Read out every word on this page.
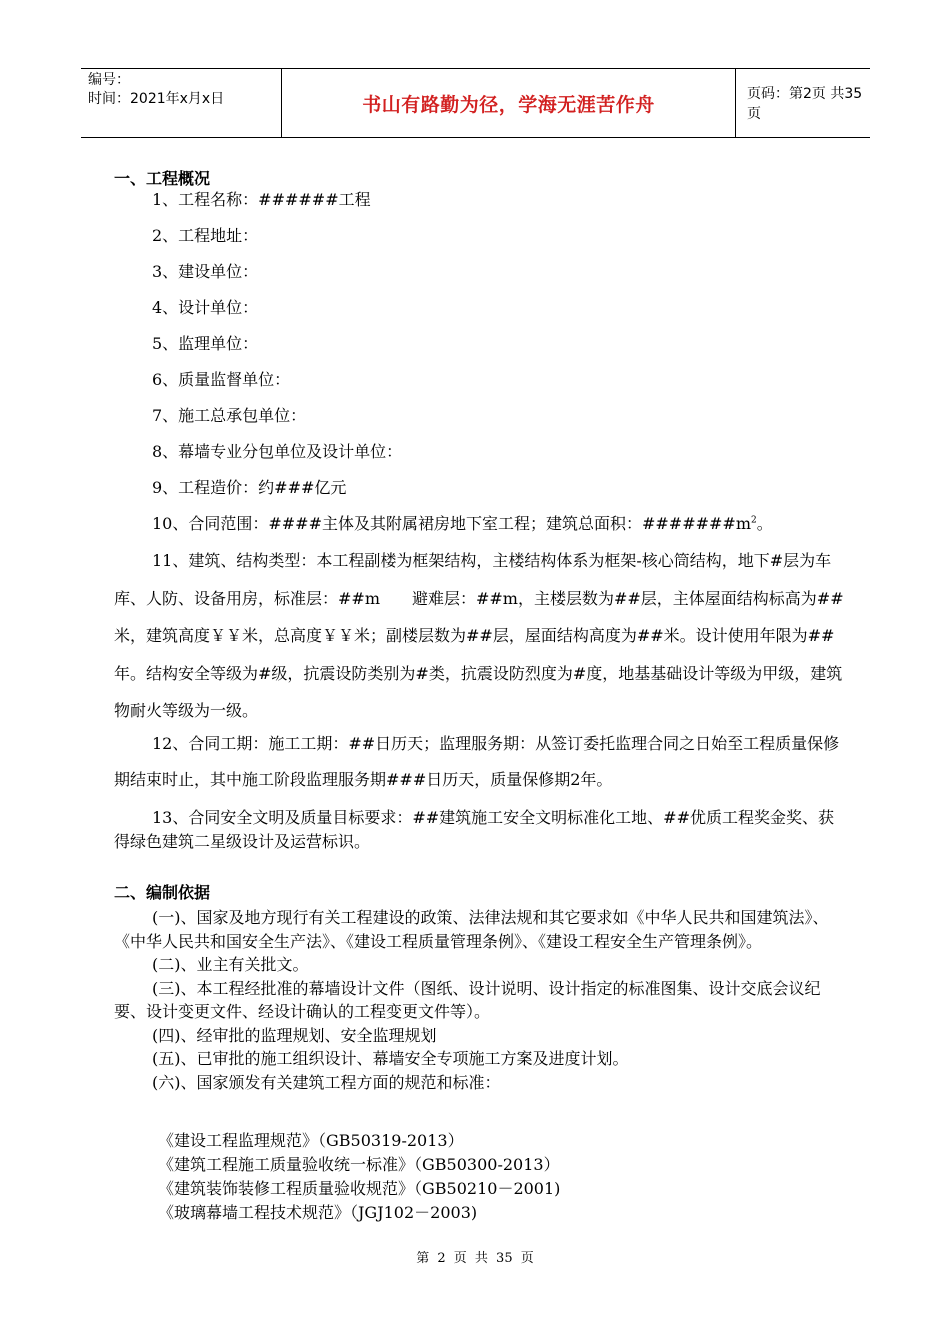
编号：
时间：2021年x月x日	书山有路勤为径，学海无涯苦作舟	页码：第2页 共35页
一、工程概况
1、工程名称：######工程
2、工程地址：
3、建设单位：
4、设计单位：
5、监理单位：
6、质量监督单位：
7、施工总承包单位：
8、幕墙专业分包单位及设计单位：
9、工程造价：约###亿元
10、合同范围：####主体及其附属裙房地下室工程；建筑总面积：$\#\#\#\#\#\#\#m^2$。
11、建筑、结构类型：本工程副楼为框架结构，主楼结构体系为框架-核心筒结构，地下#层为车库、人防、设备用房，标准层：##m　　避难层：##m，主楼层数为##层，主体屋面结构标高为##米，建筑高度￥￥米，总高度￥￥米；副楼层数为##层，屋面结构高度为##米。设计使用年限为##年。结构安全等级为#级，抗震设防类别为#类，抗震设防烈度为#度，地基基础设计等级为甲级，建筑物耐火等级为一级。
12、合同工期：施工工期：##日历天；监理服务期：从签订委托监理合同之日始至工程质量保修期结束时止，其中施工阶段监理服务期###日历天，质量保修期2年。
13、合同安全文明及质量目标要求：##建筑施工安全文明标准化工地、##优质工程奖金奖、获得绿色建筑二星级设计及运营标识。
二、编制依据
(一)、国家及地方现行有关工程建设的政策、法律法规和其它要求如《中华人民共和国建筑法》、《中华人民共和国安全生产法》、《建设工程质量管理条例》、《建设工程安全生产管理条例》。
(二)、业主有关批文。
(三)、本工程经批准的幕墙设计文件（图纸、设计说明、设计指定的标准图集、设计交底会议纪要、设计变更文件、经设计确认的工程变更文件等）。
(四)、经审批的监理规划、安全监理规划
(五)、已审批的施工组织设计、幕墙安全专项施工方案及进度计划。
(六)、国家颁发有关建筑工程方面的规范和标准：
《建设工程监理规范》（GB50319-2013）
《建筑工程施工质量验收统一标准》（GB50300-2013）
《建筑装饰装修工程质量验收规范》（GB50210－2001)
《玻璃幕墙工程技术规范》（JGJ102－2003)
第 2 页 共 35 页
